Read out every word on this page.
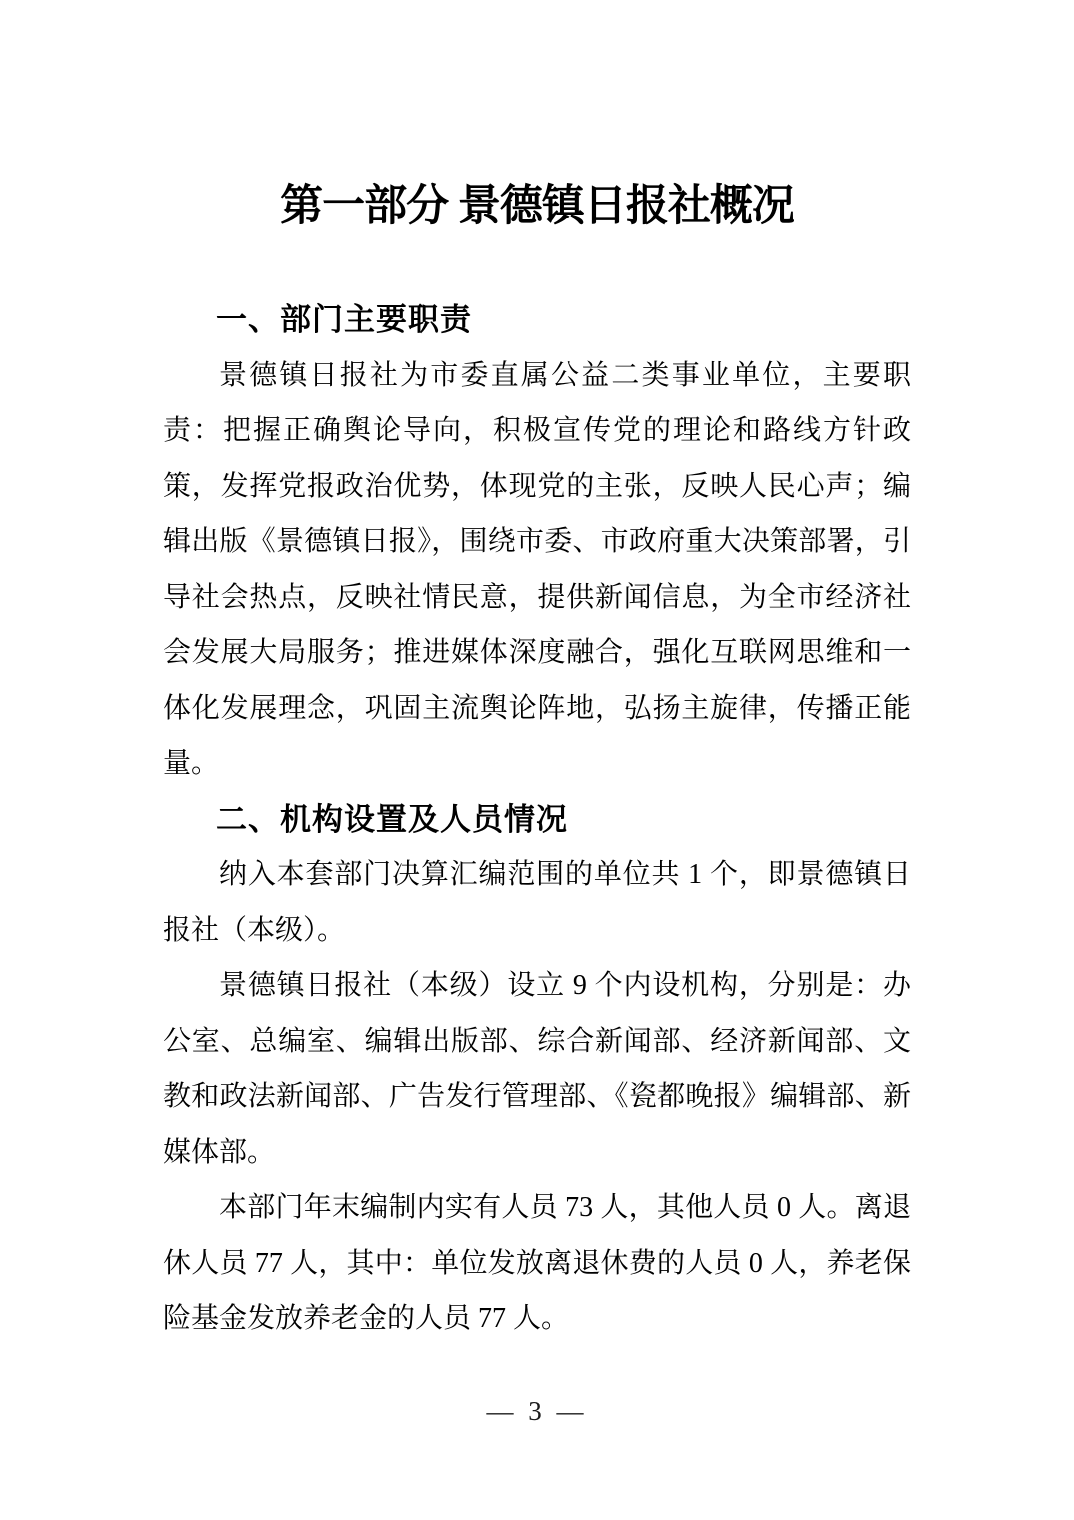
第一部分 景德镇日报社概况
一、部门主要职责

景德镇日报社为市委直属公益二类事业单位，主要职责：把握正确舆论导向，积极宣传党的理论和路线方针政策，发挥党报政治优势，体现党的主张，反映人民心声；编辑出版《景德镇日报》，围绕市委、市政府重大决策部署，引导社会热点，反映社情民意，提供新闻信息，为全市经济社会发展大局服务；推进媒体深度融合，强化互联网思维和一体化发展理念，巩固主流舆论阵地，弘扬主旋律，传播正能量。

二、机构设置及人员情况

纳入本套部门决算汇编范围的单位共 1 个，即景德镇日报社（本级）。

景德镇日报社（本级）设立 9 个内设机构，分别是：办公室、总编室、编辑出版部、综合新闻部、经济新闻部、文教和政法新闻部、广告发行管理部、《瓷都晚报》编辑部、新媒体部。

本部门年末编制内实有人员 73 人，其他人员 0 人。离退休人员 77 人，其中：单位发放离退休费的人员 0 人，养老保险基金发放养老金的人员 77 人。

— 3 —
